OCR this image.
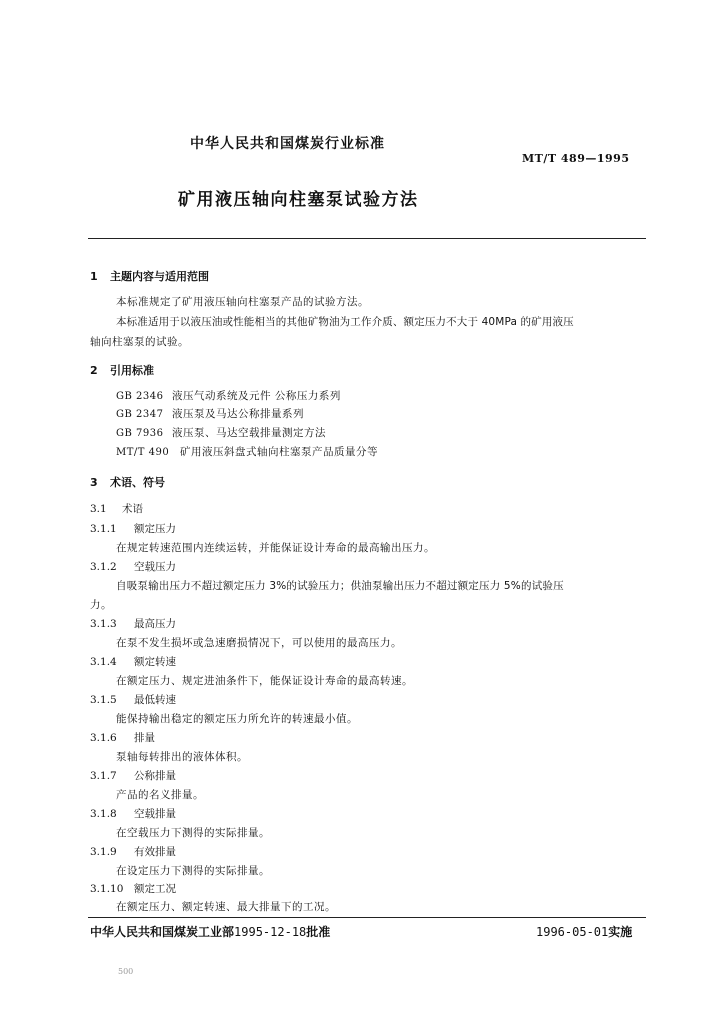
中华人民共和国煤炭行业标准
MT/T 489—1995
矿用液压轴向柱塞泵试验方法
1 主题内容与适用范围
本标准规定了矿用液压轴向柱塞泵产品的试验方法。
本标准适用于以液压油或性能相当的其他矿物油为工作介质、额定压力不大于 40MPa 的矿用液压
轴向柱塞泵的试验。
2 引用标准
GB 2346 液压气动系统及元件 公称压力系列
GB 2347 液压泵及马达公称排量系列
GB 7936 液压泵、马达空载排量测定方法
MT/T 490 矿用液压斜盘式轴向柱塞泵产品质量分等
3 术语、符号
3.1 术语
3.1.1 额定压力
在规定转速范围内连续运转，并能保证设计寿命的最高输出压力。
3.1.2 空载压力
自吸泵输出压力不超过额定压力 3%的试验压力；供油泵输出压力不超过额定压力 5%的试验压
力。
3.1.3 最高压力
在泵不发生损坏或急速磨损情况下，可以使用的最高压力。
3.1.4 额定转速
在额定压力、规定进油条件下，能保证设计寿命的最高转速。
3.1.5 最低转速
能保持输出稳定的额定压力所允许的转速最小值。
3.1.6 排量
泵轴每转排出的液体体积。
3.1.7 公称排量
产品的名义排量。
3.1.8 空载排量
在空载压力下测得的实际排量。
3.1.9 有效排量
在设定压力下测得的实际排量。
3.1.10 额定工况
在额定压力、额定转速、最大排量下的工况。
中华人民共和国煤炭工业部1995-12-18批准	1996-05-01实施
500
